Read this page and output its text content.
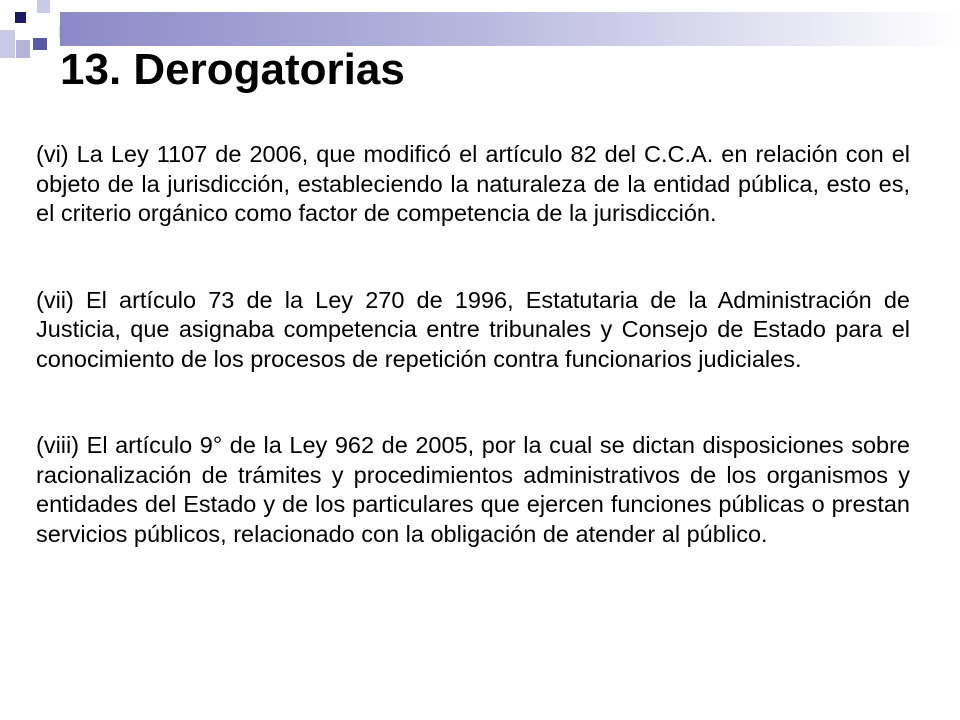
13. Derogatorias

(vi) La Ley 1107 de 2006, que modificó el artículo 82 del C.C.A. en relación con el objeto de la jurisdicción, estableciendo la naturaleza de la entidad pública, esto es, el criterio orgánico como factor de competencia de la jurisdicción.

(vii) El artículo 73 de la Ley 270 de 1996, Estatutaria de la Administración de Justicia, que asignaba competencia entre tribunales y Consejo de Estado para el conocimiento de los procesos de repetición contra funcionarios judiciales.

(viii) El artículo 9° de la Ley 962 de 2005, por la cual se dictan disposiciones sobre racionalización de trámites y procedimientos administrativos de los organismos y entidades del Estado y de los particulares que ejercen funciones públicas o prestan servicios públicos, relacionado con la obligación de atender al público.
